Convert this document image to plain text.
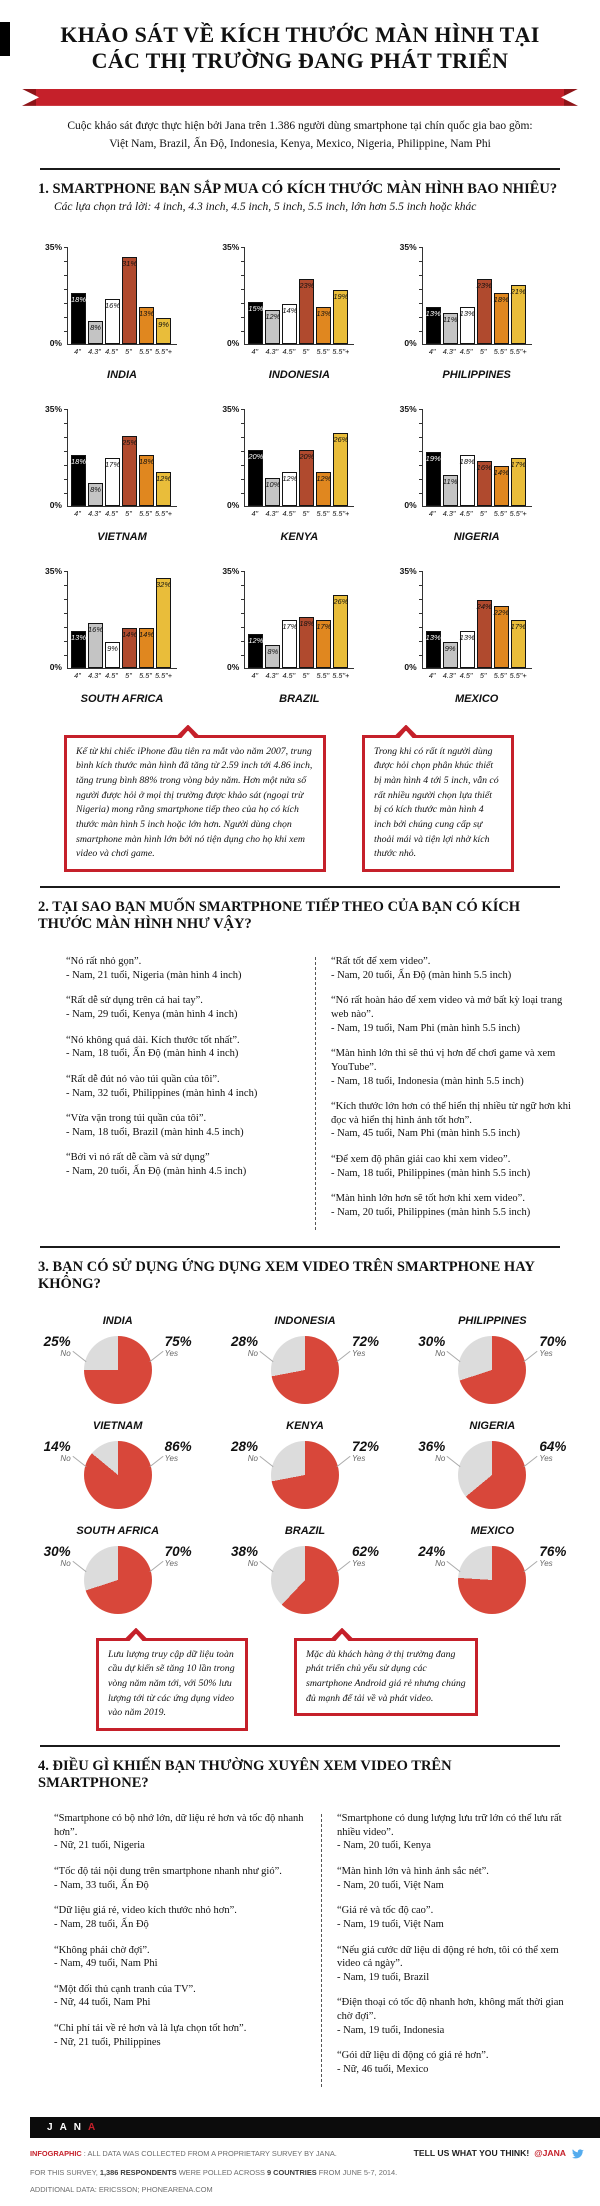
KHẢO SÁT VỀ KÍCH THƯỚC MÀN HÌNH TẠI
CÁC THỊ TRƯỜNG ĐANG PHÁT TRIỂN
Cuộc khảo sát được thực hiện bởi Jana trên 1.386 người dùng smartphone tại chín quốc gia bao gồm:
Việt Nam, Brazil, Ấn Độ, Indonesia, Kenya, Mexico, Nigeria, Philippine, Nam Phi
1. SMARTPHONE BẠN SẮP MUA CÓ KÍCH THƯỚC MÀN HÌNH BAO NHIÊU?
Các lựa chọn trả lời: 4 inch, 4.3 inch, 4.5 inch, 5 inch, 5.5 inch, lớn hơn 5.5 inch hoặc khác
35%
0%
18%
8%
16%
31%
13%
9%
4" 4.3" 4.5"	5" 5.5" 5.5"+
INDIA
35%
0%
15%
12%
14%
23%
13%
19%
4" 4.3" 4.5"	5" 5.5" 5.5"+
INDONESIA
35%
0%
13%
11%
13%
23%
18%
21%
4" 4.3" 4.5"	5" 5.5" 5.5"+
PHILIPPINES
35%
0%
18%
8%
17%
25%
18%
12%
4" 4.3" 4.5"	5" 5.5" 5.5"+
VIETNAM
35%
0%
20%
10%
12%
20%
12%
26%
4" 4.3" 4.5"	5" 5.5" 5.5"+
KENYA
35%
0%
19%
11%
18%
16%
14%
17%
4" 4.3" 4.5"	5" 5.5" 5.5"+
NIGERIA
35%
0%
13%
16%
9%
14% 14%
32%
4" 4.3" 4.5"	5" 5.5" 5.5"+
SOUTH AFRICA
35%
0%
12%
8%
17% 18% 17%
26%
4" 4.3" 4.5"	5" 5.5" 5.5"+
BRAZIL
35%
0%
13%
9%
13%
24%
22%
17%
4" 4.3" 4.5"	5" 5.5" 5.5"+
MEXICO
Kể từ khi chiếc iPhone đầu tiên ra mắt vào năm 2007, trung bình kích thước màn hình đã tăng từ 2.59 inch tới 4.86 inch, tăng trung bình 88% trong vòng bảy năm. Hơn một nửa số người được hỏi ở mọi thị trường được khảo sát (ngoại trừ Nigeria) mong rằng smartphone tiếp theo của họ có kích thước màn hình 5 inch hoặc lớn hơn. Người dùng chọn smartphone màn hình lớn bởi nó tiện dụng cho họ khi xem video và chơi game.
Trong khi có rất ít người dùng được hỏi chọn phân khúc thiết bị màn hình 4 tới 5 inch, vẫn có rất nhiều người chọn lựa thiết bị có kích thước màn hình 4 inch bởi chúng cung cấp sự thoải mái và tiện lợi nhờ kích thước nhỏ.
2. TẠI SAO BẠN MUỐN SMARTPHONE TIẾP THEO CỦA BẠN CÓ KÍCH THƯỚC MÀN HÌNH NHƯ VẬY?
“Nó rất nhỏ gọn”.
- Nam, 21 tuổi, Nigeria (màn hình 4 inch)
“Rất dễ sử dụng trên cả hai tay”.
- Nam, 29 tuổi, Kenya (màn hình 4 inch)
“Nó không quá dài. Kích thước tốt nhất”.
- Nam, 18 tuổi, Ấn Độ (màn hình 4 inch)
“Rất dễ đút nó vào túi quần của tôi”.
- Nam, 32 tuổi, Philippines (màn hình 4 inch)
“Vừa vặn trong túi quần của tôi”.
- Nam, 18 tuổi, Brazil (màn hình 4.5 inch)
“Bởi vì nó rất dễ cầm và sử dụng”
- Nam, 20 tuổi, Ấn Độ (màn hình 4.5 inch)
“Rất tốt để xem video”.
- Nam, 20 tuổi, Ấn Độ (màn hình 5.5 inch)
“Nó rất hoàn hảo để xem video và mở bất kỳ loại trang web nào”.
- Nam, 19 tuổi, Nam Phi (màn hình 5.5 inch)
“Màn hình lớn thì sẽ thú vị hơn để chơi game và xem YouTube”.
- Nam, 18 tuổi, Indonesia (màn hình 5.5 inch)
“Kích thước lớn hơn có thể hiển thị nhiều từ ngữ hơn khi đọc và hiển thị hình ảnh tốt hơn”.
- Nam, 45 tuổi, Nam Phi (màn hình 5.5 inch)
“Để xem độ phân giải cao khi xem video”.
- Nam, 18 tuổi, Philippines (màn hình 5.5 inch)
“Màn hình lớn hơn sẽ tốt hơn khi xem video”.
- Nam, 20 tuổi, Philippines (màn hình 5.5 inch)
3. BẠN CÓ SỬ DỤNG ỨNG DỤNG XEM VIDEO TRÊN SMARTPHONE HAY KHÔNG?
INDIA
25%
No
75%
Yes
INDONESIA
28%
No
72%
Yes
PHILIPPINES
30%
No
70%
Yes
VIETNAM
14%
No
86%
Yes
KENYA
28%
No
72%
Yes
NIGERIA
36%
No
64%
Yes
SOUTH AFRICA
30%
No
70%
Yes
BRAZIL
38%
No
62%
Yes
MEXICO
24%
No
76%
Yes
Lưu lượng truy cập dữ liệu toàn cầu dự kiến sẽ tăng 10 lần trong vòng năm năm tới, với 50% lưu lượng tới từ các ứng dụng video vào năm 2019.
Mặc dù khách hàng ở thị trường đang phát triển chủ yếu sử dụng các smartphone Android giá rẻ nhưng chúng đủ mạnh để tải về và phát video.
4. ĐIỀU GÌ KHIẾN BẠN THƯỜNG XUYÊN XEM VIDEO TRÊN SMARTPHONE?
“Smartphone có bộ nhớ lớn, dữ liệu rẻ hơn và tốc độ nhanh hơn”.
- Nữ, 21 tuổi, Nigeria
“Tốc độ tải nội dung trên smartphone nhanh như gió”.
- Nam, 33 tuổi, Ấn Độ
“Dữ liệu giá rẻ, video kích thước nhỏ hơn”.
- Nam, 28 tuổi, Ấn Độ
“Không phải chờ đợi”.
- Nam, 49 tuổi, Nam Phi
“Một đối thủ cạnh tranh của TV”.
- Nữ, 44 tuổi, Nam Phi
“Chi phí tải về rẻ hơn và là lựa chọn tốt hơn”.
- Nữ, 21 tuổi, Philippines
“Smartphone có dung lượng lưu trữ lớn có thể lưu rất nhiều video”.
- Nam, 20 tuổi, Kenya
“Màn hình lớn và hình ảnh sắc nét”.
- Nam, 20 tuổi, Việt Nam
“Giá rẻ và tốc độ cao”.
- Nam, 19 tuổi, Việt Nam
“Nếu giá cước dữ liệu di động rẻ hơn, tôi có thể xem video cả ngày”.
- Nam, 19 tuổi, Brazil
“Điện thoại có tốc độ nhanh hơn, không mất thời gian chờ đợi”.
- Nam, 19 tuổi, Indonesia
“Gói dữ liệu di động có giá rẻ hơn”.
- Nữ, 46 tuổi, Mexico
JANA
INFOGRAPHIC : ALL DATA WAS COLLECTED FROM A PROPRIETARY SURVEY BY JANA.	TELL US WHAT YOU THINK! @JANA
FOR THIS SURVEY, 1,386 RESPONDENTS WERE POLLED ACROSS 9 COUNTRIES FROM JUNE 5-7, 2014.
ADDITIONAL DATA: ERICSSON; PHONEARENA.COM
